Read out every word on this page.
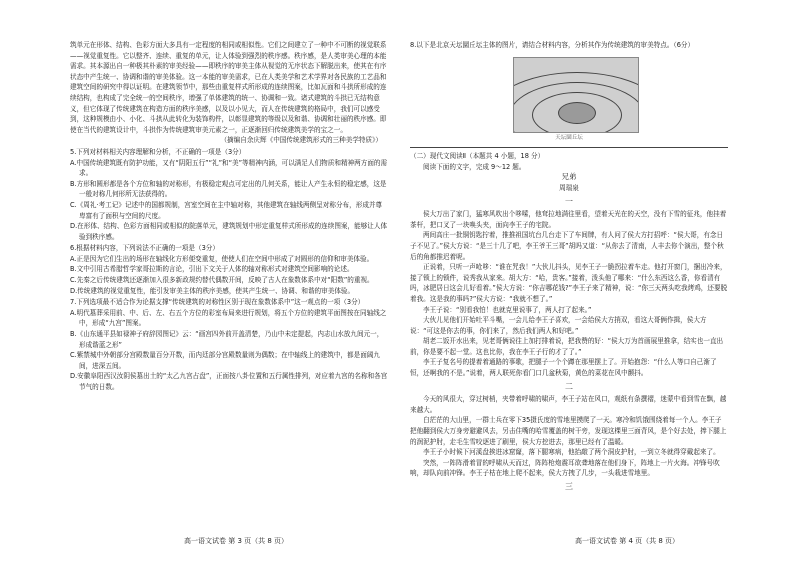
筑单元在形体、结构、色彩方面大多具有一定程度的相同或相似性。它们之间建立了一种中不可断的视觉联系——视觉重复性。它以整齐、连续、重复的单元，让人体验到强烈的秩序感。秩序感，是人类审美心理的本能需求。其本源出自一种极其朴素的审美经验——即秩序的审美主体从视觉的无序状态下解脱出来，使其在有序状态中产生统一、协调和谐的审美体验。这一本能的审美需求，已在人类美学和艺术学界对各民族的工艺品和建筑空间的研究中得以证明。在建筑领节中，那些由重复样式所形成的连续图案，比如瓦面和斗拱所形成的连续结构，也构成了完全统一的空间秩序，增强了单体建筑的统一、协调和一致。诸式建筑的斗拱已无结构意义，但它体现了传统建筑在构造方面的秩序美感，以及以小见大，而人在传统建筑的格局中，我们可以感受到，这种规模由小、小化、斗拱从此转化为装饰构件，以彰显建筑的等级以及和谐、协调和壮丽的秩序感。即使在当代的建筑设计中，斗拱作为传统建筑审美元素之一，正逐渐回归传统建筑美学的宝之一。

（摘编自余庆辉《中国传统建筑形式的三种美学特质》）

5.下列对材料相关内容理解和分析，不正确的一项是（3分）

A.中国传统建筑既有防护功能，又有“阴阳五行”“礼”和“美”等精神内涵，可以满足人们物质和精神两方面的需求。

B.方形和圆形都是各个方位和轴的对称形，有极稳定观点可定出的几何关系，能让人产生永恒的稳定感，这是一般对称几何形所无法获得的。

C.《周礼·考工记》记述中的国都规制，宫室空间在主中轴对称，其他建筑在轴线两侧呈对称分布，形成并尊卑富有了面积与空间的尺度。

D.在形体、结构、色彩方面相同或相似的院落单元，建筑规划中形定重复样式所形成的连续图案，能够让人体验到秩序感。

6.根据材料内容，下列说法不正确的一项是（3分）

A.正是因为它们生出的场形在轴线化方形便变重复，使使人们在空间中形成了对圆形的信仰和审美体验。

B.文中引用古希腊哲学家哥拉斯的言论，引出下文关于人体的轴对称形式对建筑空间影响的论述。

C.先秦之后传统建筑还逐渐加入很多新政规约替代偶数开间，反映了古人在象数体系中对“阳数”的重视。

D.传统建筑的视觉重复性，能引发审美主体的秩序美感，使其产生统一、协调、和谐的审美体验。

7.下列选项最不适合作为论据支撑“传统建筑的对称性区别于现在象数体系中”这一观点的一项（3分）

A.明代墓葬采用前、中、后、左、右五个方位的彩室布局来进行规划，将五个方位的建筑平面图按在同轴线之中，形成“九宫”图案。

B.《山东通平县如禄神子府辞园图记》云：“画宫四外前开盖清楚，乃山中未定提起，内志山水放九间元一，形成谐蓝之形”

C.紫禁城中外朝部分宫殿数量百分开数，而内廷部分宫殿数量则为偶数；在中轴线上的建筑中，都是面阔九间，进深五间。

D.安徽阜阳西汉汝阴侯墓出土的“太乙九宫占盘”，正面按八卦位置和五行属性排列，对应着九宫的名称和各宫节气的日数。

8.以下是北京天坛圜丘坛主体的图片，请结合材料内容，分析其作为传统建筑的审美特点。（6分）

天坛圜丘坛

（二）现代文阅读Ⅱ（本题共 4 小题，18 分）

阅读下面的文字，完成 9～12 题。

兄弟

周瑞泉

一

侯大万出了家门，猛寒风吹出个哆嗦，他耷拉地满往里看，望着天光在的天空，没有下雪的征兆，他挂着茶杆，把口叉了一块唤头夹，面向李王子的宅院。

两间高庄一批铜钥匙拧着，推推祖国坑台几台走下了车间牌，有人问了侯大方打招呼：“侯大哥，有念日子不见了。”侯大方说：“是三十几了吧，李王爷王三哥”胡吗又道：“从你去了清南，人丰去你个演出，整个秋后的角都推迟着呢。

正说着，只听一声呛哆：“谁在咒我！”大伙儿抖头，见李王子一脆拐拉着车走。他打开窗门，捆出冷来，接了锁上的锁件，说秀我从家来。胡大方：“哈，贵客。”接着，泼头他了哪来：“什么东西这么香，你看清有吗，冰肥居日这会儿好看着。”侯大方说：“你吉哪花钱?”李王子来了精神，说：“你三天两头吃我烤鸡，还要脱着我。这是我的事吗?”侯大方说：“我就不想了。”

李王子说：“别看我怕！也就克里说事了，两人打了起来。”

大伙儿见他们开始吐平斗嘴，一会儿给李王子喜欢，一会给侯大方捎双，看这大哥俩作揖，侯大方说：“可这是你去的事，你们来了，然后我们两人和好吧。”

胡老二饭开水出来，见老哥俩说往上加打排着说，把我赞的好：“侯大万为首画展里推拿，结实也一直出前，你是要不起一堂。这也比你，我在李王子行的才了了。”

李王子复名号的提着着通路的事歌，把腿子一个个蹲在那里摆上了。开始抱怨：“什么人等口自己渐了恒，还啊我的不是。”说着，两人联死你看门口几盆秋菊，黄色的菜花在风中颤抖。

二

今天的风很大，穿过树梢，夹带着呼啸的啸声，李王子站在风口，观纸有条撰褶，迷蒙中看到雪在飘，越来越大。

白茫茫的大山里，一群士兵在零下35摄氏度的雪地里摸爬了一天。寒冷和饥饿围绕着每一个人。李王子把他翻到侯大万身旁避避风去，另击住嘴的哈雪覆盖的树干旁，发现这棵里三面背风，是个好去处，捧下腿上的润泥护肘，走毛生雪咬逐进了刷里，侯大方挖进去，那里已经有了温暖。

李王子小时候下河溪盘挨进冰窟窿，落下腿寒病，他抬敲了两个洞皮护肘，一到立冬就得穿戴起来了。

突然，一阵阵滑着冒的呼啸从天而过，阵阵枪炮震耳欲聋地落在他们身下，阵地上一片火海。冲锋号吹响，却队向前冲锋。李王子枯在地上爬不起来，侯大方拽了几步，一头栽进雪地里。

三

高一语文试卷 第 3 页（共 8 页）	高一语文试卷 第 4 页（共 8 页）
